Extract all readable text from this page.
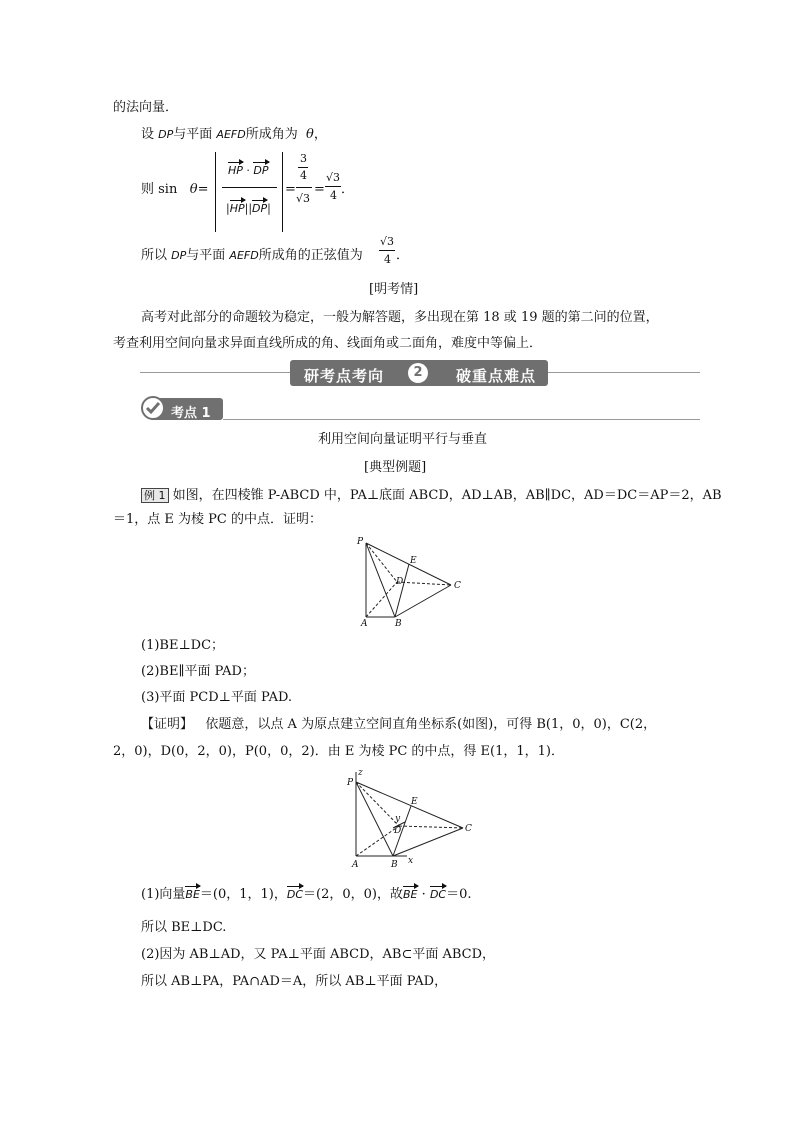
的法向量．
设 DP与平面 AEFD所成角为 θ，
则 sin θ=
HP · DP
|HP||DP|
=
3
4
√3
=
√3
4 ．
所以 DP与平面 AEFD所成角的正弦值为
√3
4 ．
[明考情]
高考对此部分的命题较为稳定，一般为解答题，多出现在第 18 或 19 题的第二问的位置，
考查利用空间向量求异面直线所成的角、线面角或二面角，难度中等偏上．
研考点考向	2	破重点难点
考点 1
利用空间向量证明平行与垂直
[典型例题]
例 1 如图，在四棱锥 P-ABCD 中，PA⊥底面 ABCD，AD⊥AB，AB∥DC，AD＝DC＝AP＝2，AB
＝1，点 E 为棱 PC 的中点．证明：
P
E
D	C
A	B
(1)BE⊥DC；
(2)BE∥平面 PAD；
(3)平面 PCD⊥平面 PAD.
【证明】 依题意，以点 A 为原点建立空间直角坐标系(如图)，可得 B(1，0，0)，C(2，
2，0)，D(0，2，0)，P(0，0，2)．由 E 为棱 PC 的中点，得 E(1，1，1)．
z
P
E
y
D	C
A	B x
(1)向量BE＝(0，1，1)，DC＝(2，0，0)，故BE · DC＝0.
所以 BE⊥DC.
(2)因为 AB⊥AD，又 PA⊥平面 ABCD，AB⊂平面 ABCD，
所以 AB⊥PA，PA∩AD＝A，所以 AB⊥平面 PAD，
